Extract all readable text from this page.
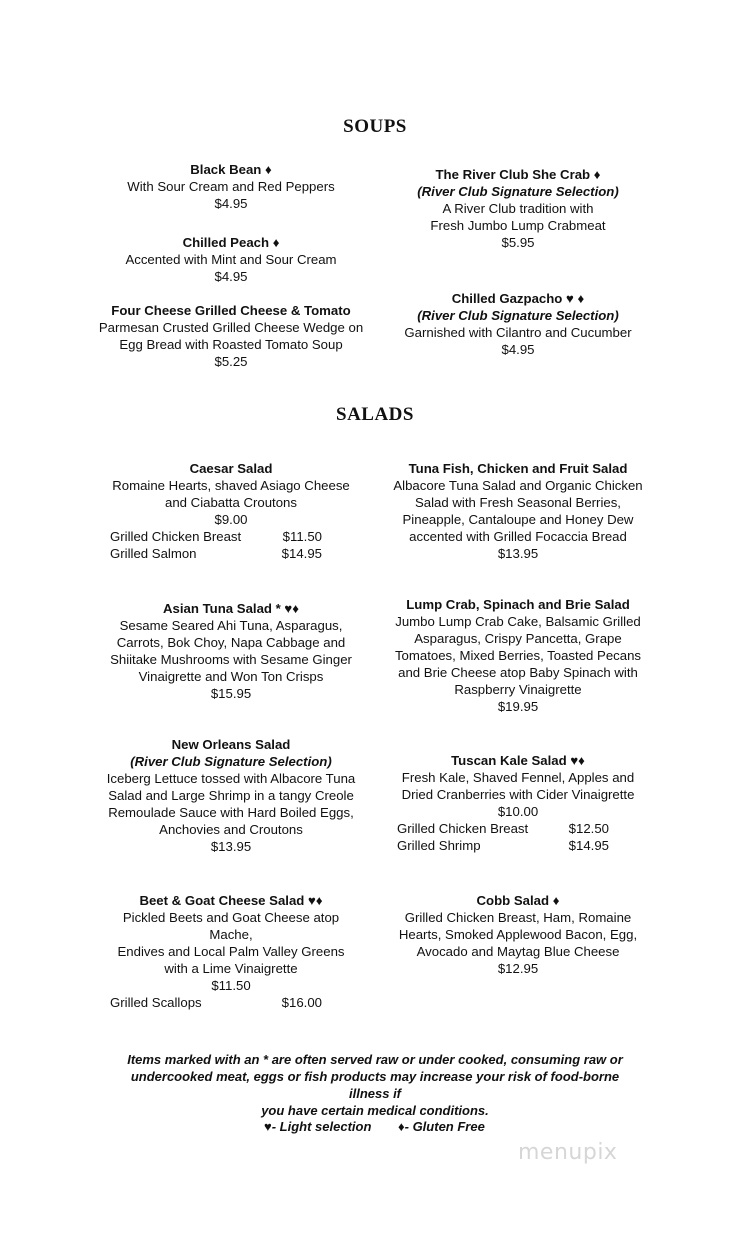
SOUPS
Black Bean ♦
With Sour Cream and Red Peppers
$4.95
Chilled Peach ♦
Accented with Mint and Sour Cream
$4.95
Four Cheese Grilled Cheese & Tomato
Parmesan Crusted Grilled Cheese Wedge on
Egg Bread with Roasted Tomato Soup
$5.25
The River Club She Crab ♦
(River Club Signature Selection)
A River Club tradition with
Fresh Jumbo Lump Crabmeat
$5.95
Chilled Gazpacho ♥ ♦
(River Club Signature Selection)
Garnished with Cilantro and Cucumber
$4.95
SALADS
Caesar Salad
Romaine Hearts, shaved Asiago Cheese
and Ciabatta Croutons
$9.00
Grilled Chicken Breast	$11.50
Grilled Salmon	$14.95
Asian Tuna Salad * ♥♦
Sesame Seared Ahi Tuna, Asparagus,
Carrots, Bok Choy, Napa Cabbage and
Shiitake Mushrooms with Sesame Ginger
Vinaigrette and Won Ton Crisps
$15.95
New Orleans Salad
(River Club Signature Selection)
Iceberg Lettuce tossed with Albacore Tuna
Salad and Large Shrimp in a tangy Creole
Remoulade Sauce with Hard Boiled Eggs,
Anchovies and Croutons
$13.95
Beet & Goat Cheese Salad ♥♦
Pickled Beets and Goat Cheese atop Mache,
Endives and Local Palm Valley Greens
with a Lime Vinaigrette
$11.50
Grilled Scallops	$16.00
Tuna Fish, Chicken and Fruit Salad
Albacore Tuna Salad and Organic Chicken
Salad with Fresh Seasonal Berries,
Pineapple, Cantaloupe and Honey Dew
accented with Grilled Focaccia Bread
$13.95
Lump Crab, Spinach and Brie Salad
Jumbo Lump Crab Cake, Balsamic Grilled
Asparagus, Crispy Pancetta, Grape
Tomatoes, Mixed Berries, Toasted Pecans
and Brie Cheese atop Baby Spinach with
Raspberry Vinaigrette
$19.95
Tuscan Kale Salad ♥♦
Fresh Kale, Shaved Fennel, Apples and
Dried Cranberries with Cider Vinaigrette
$10.00
Grilled Chicken Breast	$12.50
Grilled Shrimp	$14.95
Cobb Salad ♦
Grilled Chicken Breast, Ham, Romaine
Hearts, Smoked Applewood Bacon, Egg,
Avocado and Maytag Blue Cheese
$12.95
Items marked with an * are often served raw or under cooked, consuming raw or
undercooked meat, eggs or fish products may increase your risk of food-borne illness if
you have certain medical conditions.
♥- Light selection ♦- Gluten Free
menupix
